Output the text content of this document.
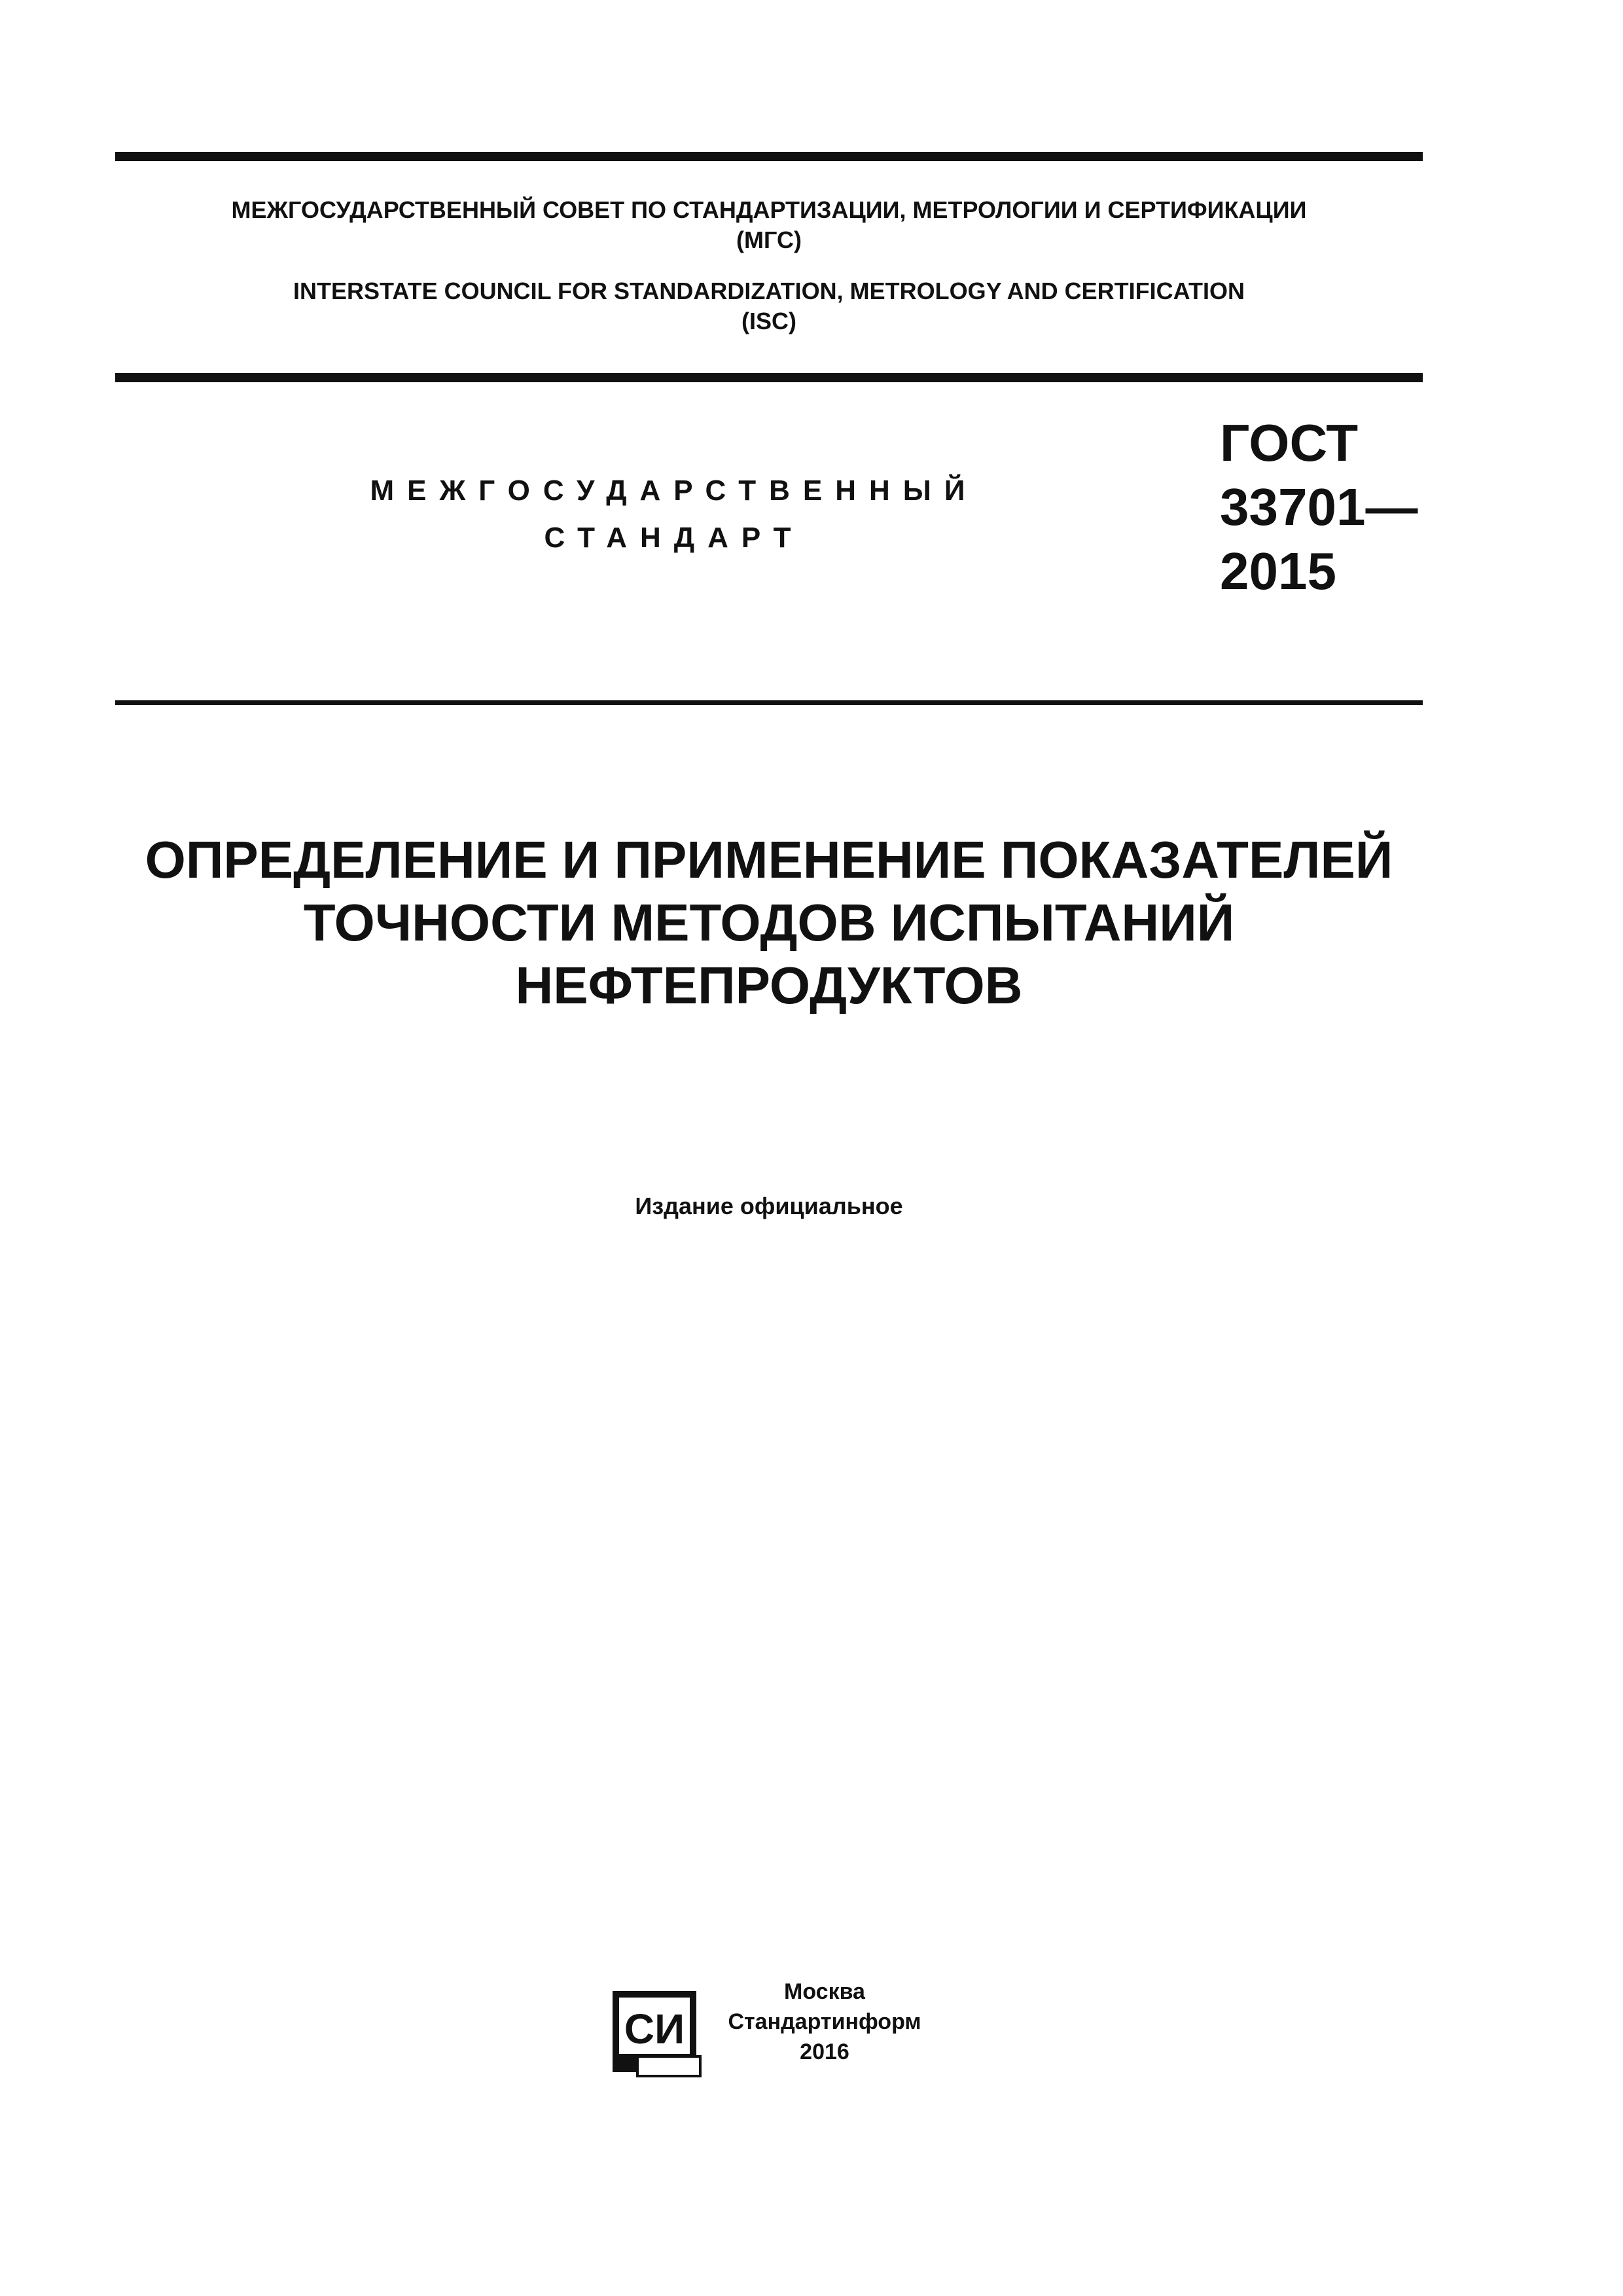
МЕЖГОСУДАРСТВЕННЫЙ СОВЕТ ПО СТАНДАРТИЗАЦИИ, МЕТРОЛОГИИ И СЕРТИФИКАЦИИ
(МГС)
INTERSTATE COUNCIL FOR STANDARDIZATION, METROLOGY AND CERTIFICATION
(ISC)
МЕЖГОСУДАРСТВЕННЫЙ
СТАНДАРТ
ГОСТ
33701—
2015
ОПРЕДЕЛЕНИЕ И ПРИМЕНЕНИЕ ПОКАЗАТЕЛЕЙ
ТОЧНОСТИ МЕТОДОВ ИСПЫТАНИЙ
НЕФТЕПРОДУКТОВ
Издание официальное
СИ
Москва
Стандартинформ
2016
